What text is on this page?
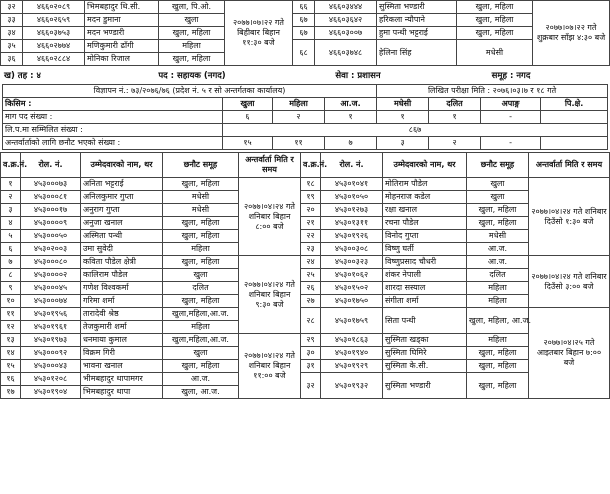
३२	४६६०२०८९	भिमबहादुर थि.सी.	खुला, पि.ओ.	२०७७।०७।२२ गते बिहीबार बिहान ११:३० बजे	६६	४६६०३४४४	सुस्मिता भण्डारी	खुला, महिला	२०७७।०७।२२ गते शुक्रबार साँझ ४:३० बजे
३३	४६६०२६५९	मदन डुमाना	खुला		६७	४६६०३६४२	हरिकला न्यौपाने	खुला, महिला	
३४	४६६०३७५३	मदन भण्डारी	खुला, महिला		६७	४६६०३००७	हुमा पन्थी भट्टराई	खुला, महिला	
३५	४६६०२७७४	मणिकुमारी ढाँगी	महिला		६८	४६६०३७४८	हेलिना सिंह	मधेसी	
३६	४६६०२८८४	मोनिका रिजाल	खुला, महिला						
ख) तह : ४	पद : सहायक (नगद)	सेवा : प्रशासन	समूह : नगद
विज्ञापन नं.: ७३/२०७६/७६ (प्रदेश नं. ५ र सो अन्तर्गतका कार्यालय)				लिखित परीक्षा मिति : २०७६।०३।७ र १८ गते			
किसिम :	खुला	महिला	आ.ज.	मधेसी	दलित	अपाङ्ग	पि.क्षे.
माग पद संख्या :	६	२	१	१	१	-	
लि.प.मा सम्मिलित संख्या :	८६७						
अन्तर्वार्ताको लागि छनौट भएको संख्या :	१५	११	७	३	२	-	
व.क्र.नं.	रोल. नं.	उम्मेदवारको नाम, थर	छनौट समूह	अन्तर्वार्ता मिति र समय	व.क्र.नं.	रोल. नं.	उम्मेदवारको नाम, थर	छनौट समूह	अन्तर्वार्ता मिति र समय
१	४५३०००७३	अनिता भट्टराई	खुला, महिला	२०७७।०४।२४ गते शनिबार बिहान ८:०० बजे	१८	४५३०१०४१	मोतिराम पौडेल	खुला	२०७७।०४।२४ गते शनिबार दिउँसो १:३० बजे
२	४५३०००८१	अनिलकुमार गुप्ता	मधेसी		१९	४५३०१०५०	मोहनराज कडेल	खुला	
३	४५३०००१७	अनुराग गुप्ता	मधेसी		२०	४५३०१२७३	रक्षा खनाल	खुला, महिला	
४	४५३००००९	अनुजा खनाल	खुला, महिला		२१	४५३०१३११	रचना पौडेल	खुला, महिला	
५	४५३०००५०	अस्मिता पन्थी	खुला, महिला		२२	४५३०१९२६	विनोद गुप्ता	मधेसी	
६	४५३०२००३	उमा सुवेदी	महिला		२३	४५३००३०८	विष्णु घर्ती	आ.ज.	
७	४५३०००८०	कविता पौडेल क्षेत्री	खुला, महिला	२०७७।०४।२४ गते शनिबार बिहान ९:३० बजे	२४	४५३००३२३	विष्णुप्रसाद चौधरी	आ.ज.	२०७७।०४।२४ गते शनिबार दिउँसो ३:०० बजे
८	४५३००००२	कालिराम पौडेल	खुला		२५	४५३०१०६२	शंकर नेपाली	दलित	
९	४५३०००४५	गणेश विश्वकर्मा	दलित		२६	४५३०१५०२	शारदा सस्याल	महिला	
१०	४५३०००७४	गरिमा शर्मा	खुला, महिला		२७	४५३०१७५०	संगीता शर्मा	महिला	
११	४५३०१९५६	तारादेवी श्रेष्ठ	खुला,महिला,आ.ज.		२८	४५३०१७५९	सिता पन्थी	खुला, महिला, आ.ज.	२०७७।०४।२५ गते आइतबार बिहान ७:०० बजे
१२	४५३०१९६१	तेजकुमारी शर्मा	महिला						
१३	४५३०१९७३	धनमाया कुमाल	खुला,महिला,आ.ज.	२०७७।०४।२४ गते शनिबार बिहान ११:०० बजे	२९	४५३०१८६३	सुस्मिता खड्का	महिला	
१४	४५३०००९२	विक्रम गिरी	खुला		३०	४५३०१९४०	सुस्मिता घिमिरे	खुला, महिला	
१५	४५३०००४३	भावना खनाल	खुला, महिला		३१	४५३०१९२९	सुस्मिता के.सी.	खुला, महिला	
१६	४५३०१२०८	भीमबहादुर थापामगर	आ.ज.		३२	४५३०१९३२	सुस्मिता भण्डारी	खुला, महिला	
१७	४५३०१९०४	भिमबहादुर थापा	खुला, आ.ज.						
